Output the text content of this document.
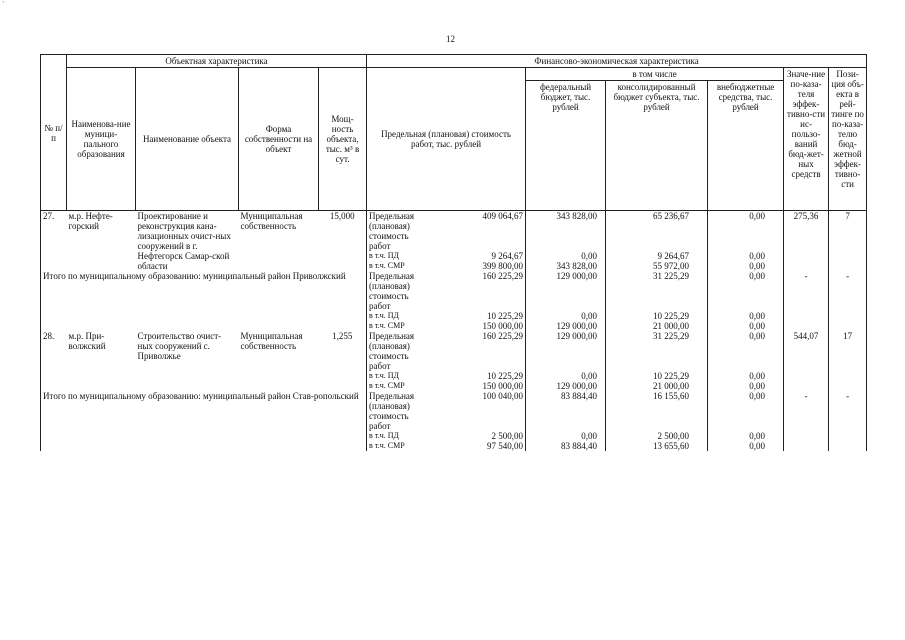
`
12
№ п/п	Объектная характеристика				Финансово-экономическая характеристика						
	Наименова-ние муници-пального образования	Наименование объекта	Форма собственности на объект	Мощ-ность объекта, тыс. м³ в сут.	Предельная (плановая) стоимость работ, тыс. рублей		в том числе			Значе-ние по-каза-теля эффек-тивно-сти ис-пользо-ваний бюд-жет-ных средств	Пози-ция объ-екта в рей-тинге по по-каза-телю бюд-жетной эффек-тивно-сти
							федеральный бюджет, тыс. рублей	консолидированный бюджет субъекта, тыс. рублей	внебюджетные средства, тыс. рублей		
27.	м.р. Нефте-горский	Проектирование и реконструкция кана-лизационных очист-ных сооружений в г. Нефтегорск Самар-ской области	Муниципальная собственность	15,000	Предельная (плановая) стоимость работ	409 064,67	343 828,00	65 236,67	0,00	275,36	7
					в т.ч. ПД	9 264,67	0,00	9 264,67	0,00		
					в т.ч. СМР	399 800,00	343 828,00	55 972,00	0,00		
Итого по муниципальному образованию: муниципальный район Приволжский					Предельная (плановая) стоимость работ	160 225,29	129 000,00	31 225,29	0,00	-	-
					в т.ч. ПД	10 225,29	0,00	10 225,29	0,00		
					в т.ч. СМР	150 000,00	129 000,00	21 000,00	0,00		
28.	м.р. При-волжский	Строительство очист-ных сооружений с. Приволжье	Муниципальная собственность	1,255	Предельная (плановая) стоимость работ	160 225,29	129 000,00	31 225,29	0,00	544,07	17
					в т.ч. ПД	10 225,29	0,00	10 225,29	0,00		
					в т.ч. СМР	150 000,00	129 000,00	21 000,00	0,00		
Итого по муниципальному образованию: муниципальный район Став-ропольский					Предельная (плановая) стоимость работ	100 040,00	83 884,40	16 155,60	0,00	-	-
					в т.ч. ПД	2 500,00	0,00	2 500,00	0,00		
					в т.ч. СМР	97 540,00	83 884,40	13 655,60	0,00		
